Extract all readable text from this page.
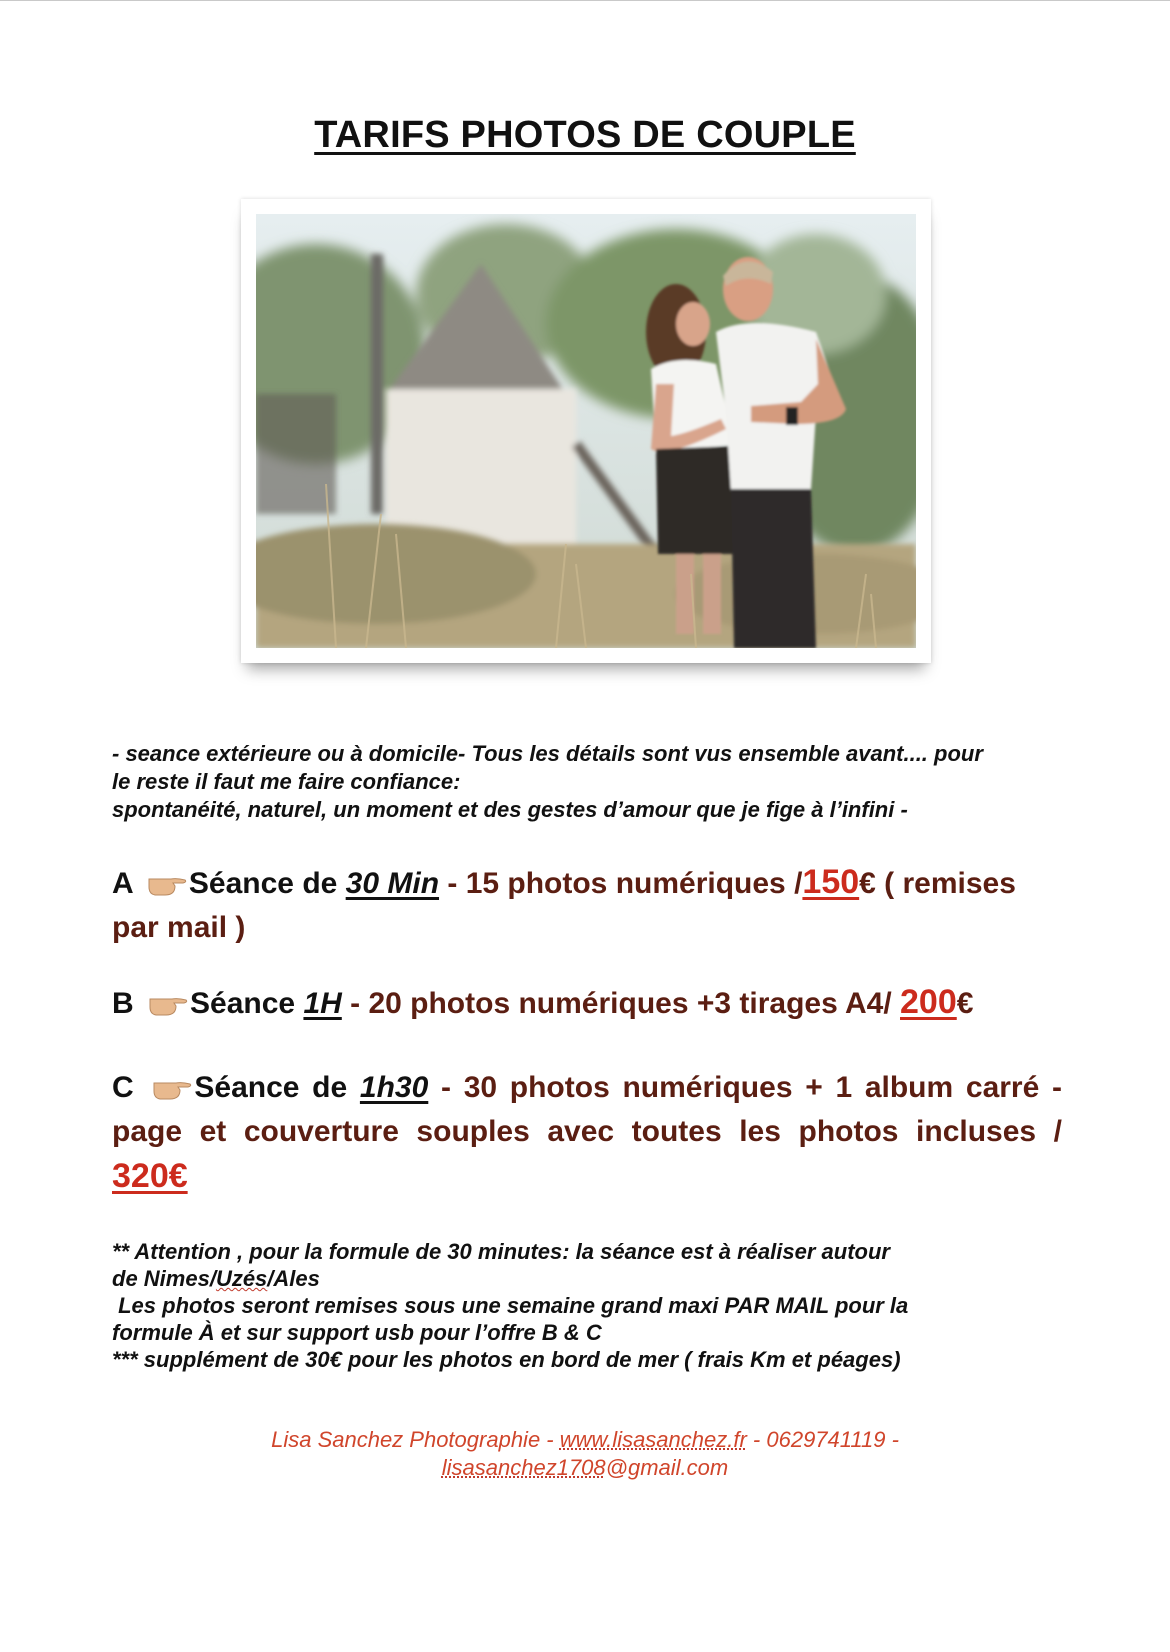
TARIFS PHOTOS DE COUPLE
- seance extérieure ou à domicile- Tous les détails sont vus ensemble avant.... pour
le reste il faut me faire confiance:
spontanéité, naturel, un moment et des gestes d’amour que je fige à l’infini -
A Séance de 30 Min - 15 photos numériques /150€ ( remises par mail )
B Séance 1H - 20 photos numériques +3 tirages A4/ 200€
C Séance de 1h30 - 30 photos numériques + 1 album carré - page et couverture souples avec toutes les photos incluses / 320€
** Attention , pour la formule de 30 minutes: la séance est à réaliser autour
de Nimes/Uzés/Ales
Les photos seront remises sous une semaine grand maxi PAR MAIL pour la
formule À et sur support usb pour l’offre B & C
*** supplément de 30€ pour les photos en bord de mer ( frais Km et péages)
Lisa Sanchez Photographie - www.lisasanchez.fr - 0629741119 -
lisasanchez1708@gmail.com
